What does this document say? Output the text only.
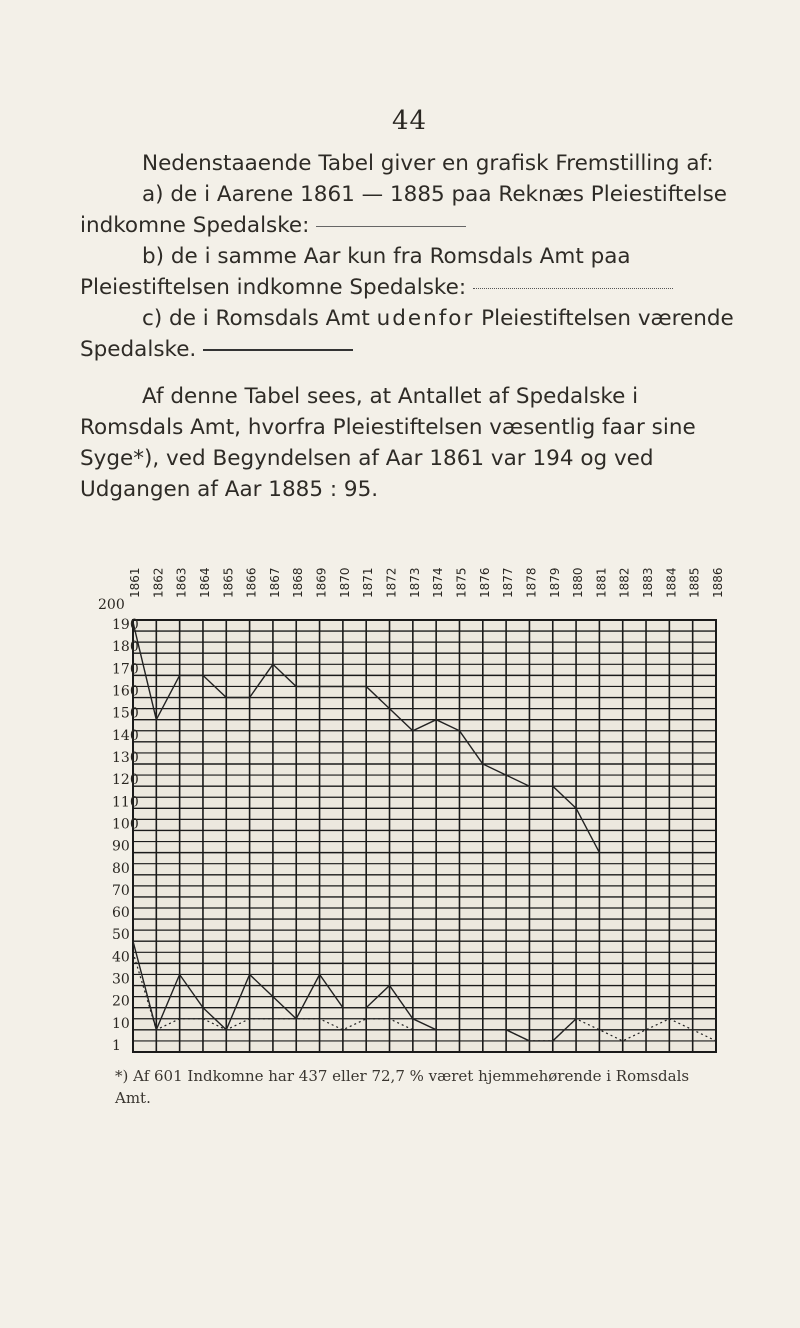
44

Nedenstaaende Tabel giver en grafisk Fremstilling af:

a) de i Aarene 1861 — 1885 paa Reknæs Pleiestiftelse indkomne Spedalske:

b) de i samme Aar kun fra Romsdals Amt paa Pleiestiftelsen indkomne Spedalske:

c) de i Romsdals Amt udenfor Pleiestiftelsen værende Spedalske.

Af denne Tabel sees, at Antallet af Spedalske i Romsdals Amt, hvorfra Pleiestiftelsen væsentlig faar sine Syge*), ved Begyndelsen af Aar 1861 var 194 og ved Udgangen af Aar 1885 : 95.

200
190
180
170
160
150
140
130
120
110
100
90
80
70
60
50
40
30
20
10
1
1861 1862 1863 1864 1865 1866 1867 1868 1869 1870 1871 1872 1873 1874 1875 1876 1877 1878 1879 1880 1881 1882 1883 1884 1885 1886
*) Af 601 Indkomne har 437 eller 72,7 % været hjemmehørende i Romsdals Amt.
